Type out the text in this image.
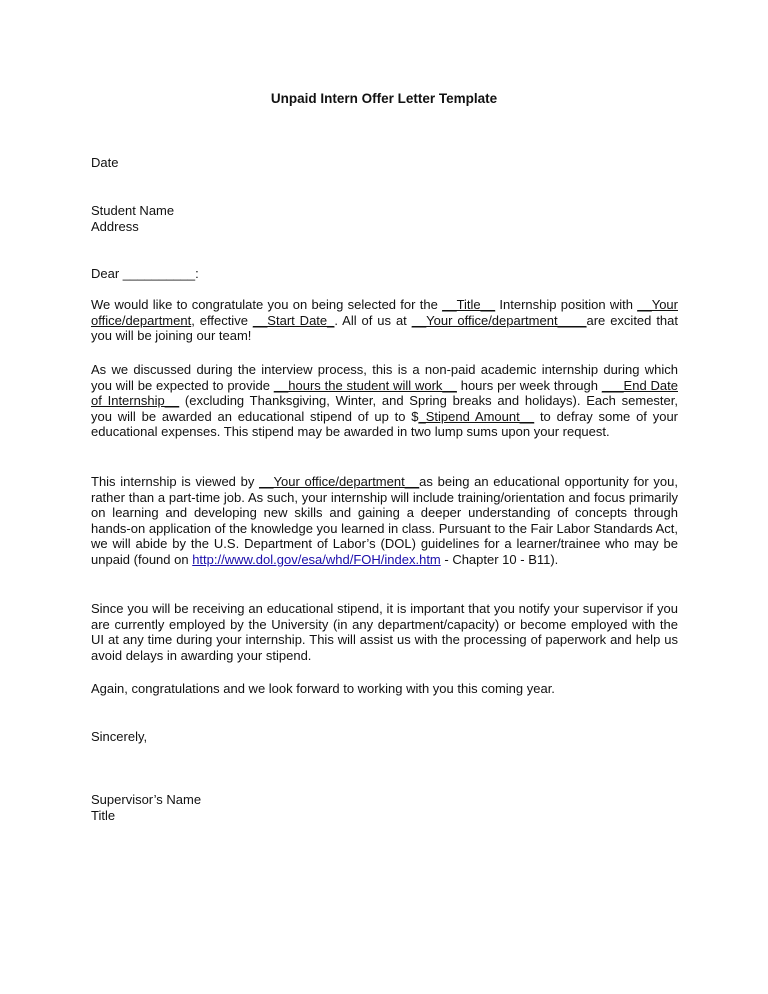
Unpaid Intern Offer Letter Template
Date
Student Name
Address
Dear __________:
We would like to congratulate you on being selected for the __Title__ Internship position with __Your office/department, effective __Start Date_. All of us at __Your office/department____are excited that you will be joining our team!
As we discussed during the interview process, this is a non-paid academic internship during which you will be expected to provide __hours the student will work__ hours per week through ___End Date of Internship__ (excluding Thanksgiving, Winter, and Spring breaks and holidays). Each semester, you will be awarded an educational stipend of up to $_Stipend Amount__ to defray some of your educational expenses. This stipend may be awarded in two lump sums upon your request.
This internship is viewed by __Your office/department__as being an educational opportunity for you, rather than a part-time job. As such, your internship will include training/orientation and focus primarily on learning and developing new skills and gaining a deeper understanding of concepts through hands-on application of the knowledge you learned in class. Pursuant to the Fair Labor Standards Act, we will abide by the U.S. Department of Labor’s (DOL) guidelines for a learner/trainee who may be unpaid (found on http://www.dol.gov/esa/whd/FOH/index.htm - Chapter 10 - B11).
Since you will be receiving an educational stipend, it is important that you notify your supervisor if you are currently employed by the University (in any department/capacity) or become employed with the UI at any time during your internship. This will assist us with the processing of paperwork and help us avoid delays in awarding your stipend.
Again, congratulations and we look forward to working with you this coming year.
Sincerely,
Supervisor’s Name
Title
